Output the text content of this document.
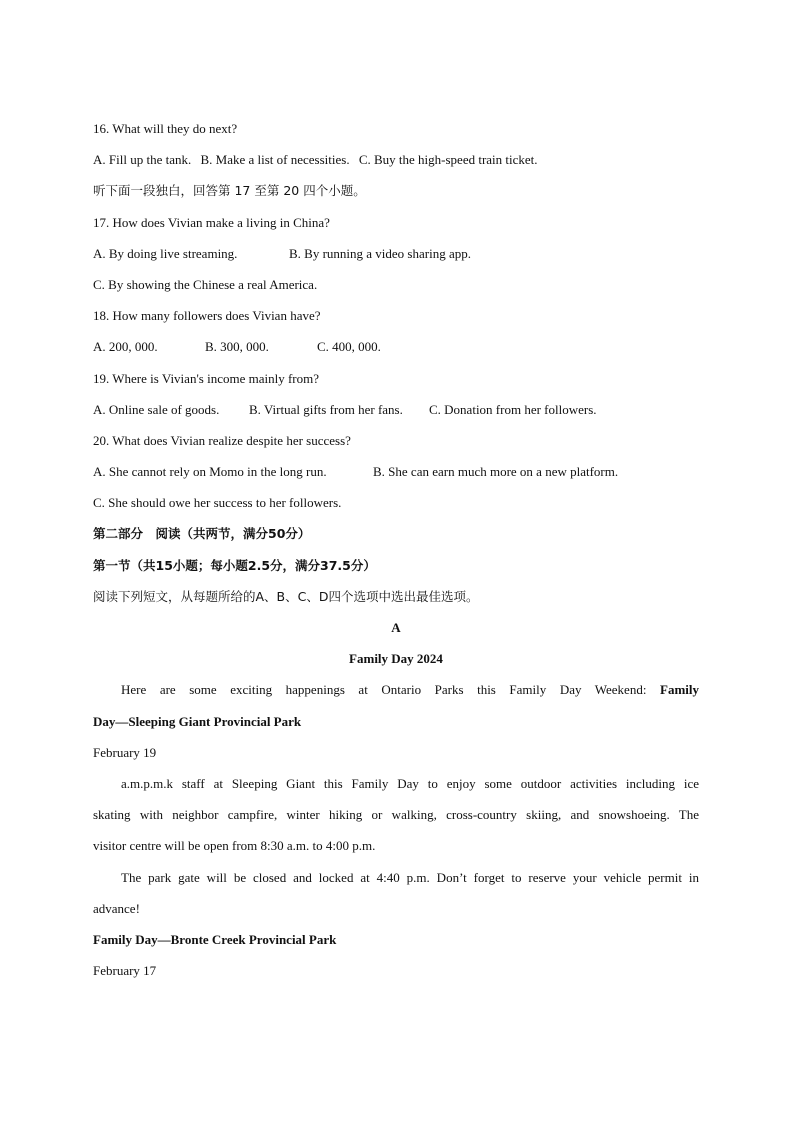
16. What will they do next?
A. Fill up the tank. B. Make a list of necessities. C. Buy the high-speed train ticket.
听下面一段独白，回答第 17 至第 20 四个小题。
17. How does Vivian make a living in China?
A. By doing live streaming.	B. By running a video sharing app.
C. By showing the Chinese a real America.
18. How many followers does Vivian have?
A. 200, 000.	B. 300, 000.	C. 400, 000.
19. Where is Vivian's income mainly from?
A. Online sale of goods. B. Virtual gifts from her fans. C. Donation from her followers.
20. What does Vivian realize despite her success?
A. She cannot rely on Momo in the long run.	B. She can earn much more on a new platform.
C. She should owe her success to her followers.
第二部分　阅读（共两节，满分50分）
第一节（共15小题；每小题2.5分，满分37.5分）
阅读下列短文，从每题所给的A、B、C、D四个选项中选出最佳选项。
A
Family Day 2024
Here are some exciting happenings at Ontario Parks this Family Day Weekend: Family
Day—Sleeping Giant Provincial Park
February 19
a.m.p.m.k staff at Sleeping Giant this Family Day to enjoy some outdoor activities including ice
skating with neighbor campfire, winter hiking or walking, cross-country skiing, and snowshoeing. The
visitor centre will be open from 8:30 a.m. to 4:00 p.m.
The park gate will be closed and locked at 4:40 p.m. Don’t forget to reserve your vehicle permit in
advance!
Family Day—Bronte Creek Provincial Park
February 17
